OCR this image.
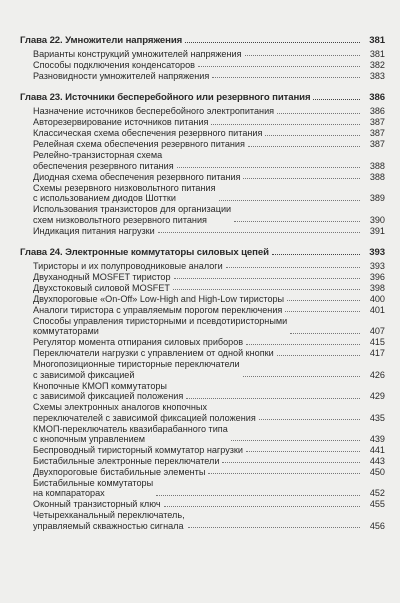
Глава 22. Умножители напряжения	381
Варианты конструкций умножителей напряжения	381
Способы подключения конденсаторов	382
Разновидности умножителей напряжения	383
Глава 23. Источники бесперебойного или резервного питания	386
Назначение источников бесперебойного электропитания	386
Авторезервирование источников питания	387
Классическая схема обеспечения резервного питания	387
Релейная схема обеспечения резервного питания	387
Релейно-транзисторная схема
обеспечения резервного питания	388
Диодная схема обеспечения резервного питания	388
Схемы резервного низковольтного питания
с использованием диодов Шоттки	389
Использования транзисторов для организации
схем низковольтного резервного питания	390
Индикация питания нагрузки	391
Глава 24. Электронные коммутаторы силовых цепей	393
Тиристоры и их полупроводниковые аналоги	393
Двуханодный MOSFET тиристор	396
Двухстоковый силовой MOSFET	398
Двухпороговые «On-Off» Low-High and High-Low тиристоры	400
Аналоги тиристора с управляемым порогом переключения	401
Способы управления тиристорными и псевдотиристорными
коммутаторами	407
Регулятор момента отпирания силовых приборов	415
Переключатели нагрузки с управлением от одной кнопки	417
Многопозиционные тиристорные переключатели
с зависимой фиксацией	426
Кнопочные КМОП коммутаторы
с зависимой фиксацией положения	429
Схемы электронных аналогов кнопочных
переключателей с зависимой фиксацией положения	435
КМОП-переключатель квазибарабанного типа
с кнопочным управлением	439
Беспроводный тиристорный коммутатор нагрузки	441
Бистабильные электронные переключатели	443
Двухпороговые бистабильные элементы	450
Бистабильные коммутаторы
на компараторах	452
Оконный транзисторный ключ	455
Четырехканальный переключатель,
управляемый скважностью сигнала	456
